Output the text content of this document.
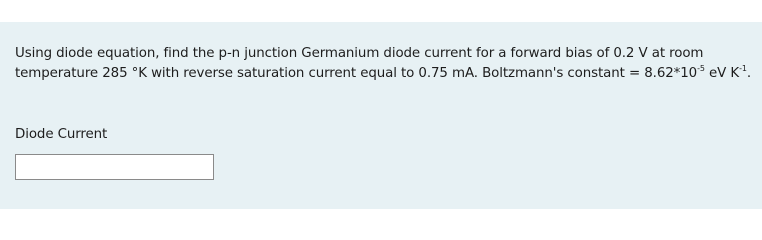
Using diode equation, find the p-n junction Germanium diode current for a forward bias of 0.2 V at room

temperature 285 °K with reverse saturation current equal to 0.75 mA. Boltzmann's constant = $8.62*10^{-5}$ eV $K^{-1}$.

Diode Current
